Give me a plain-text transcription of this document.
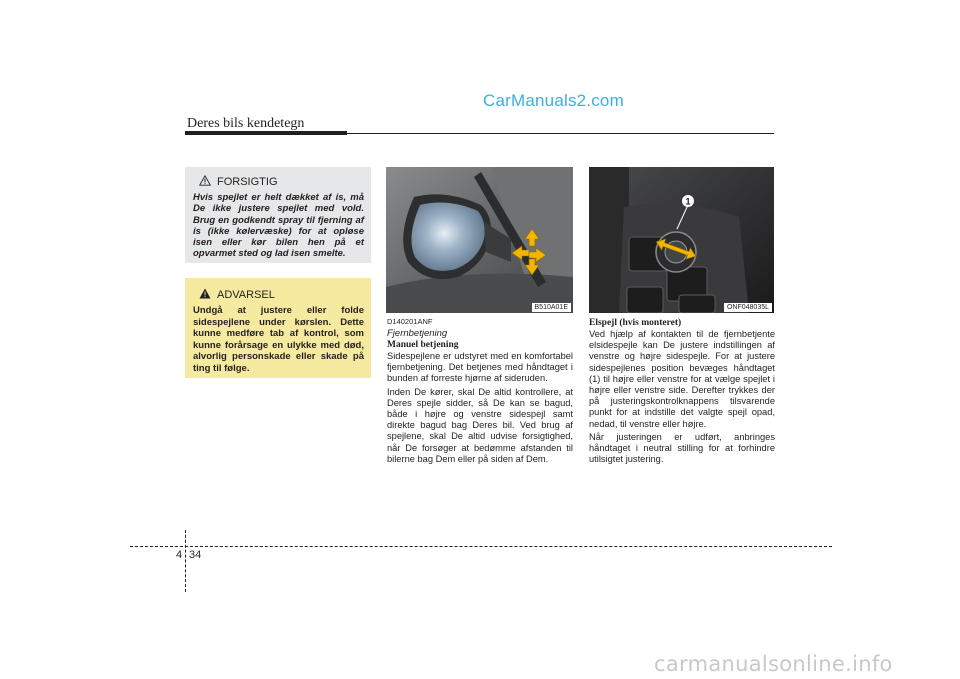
CarManuals2.com
Deres bils kendetegn
FORSIGTIG
Hvis spejlet er helt dækket af is, må De ikke justere spejlet med vold. Brug en godkendt spray til fjerning af is (ikke kølervæske) for at opløse isen eller kør bilen hen på et opvarmet sted og lad isen smelte.
ADVARSEL
Undgå at justere eller folde sidespejlene under kørslen. Dette kunne medføre tab af kontrol, som kunne forårsage en ulykke med død, alvorlig personskade eller skade på ting til følge.
B510A01E
1
ONF048035L
D140201ANF
Fjernbetjening
Manuel betjening

Sidespejlene er udstyret med en komfortabel fjernbetjening. Det betjenes med håndtaget i bunden af forreste hjørne af sideruden.

Inden De kører, skal De altid kontrollere, at Deres spejle sidder, så De kan se bagud, både i højre og venstre sidespejl samt direkte bagud bag Deres bil. Ved brug af spejlene, skal De altid udvise forsigtighed, når De forsøger at bedømme afstanden til bilerne bag Dem eller på siden af Dem.

Elspejl (hvis monteret)

Ved hjælp af kontakten til de fjernbetjente elsidespejle kan De justere indstillingen af venstre og højre sidespejle. For at justere sidespejlenes position bevæges håndtaget (1) til højre eller venstre for at vælge spejlet i højre eller venstre side. Derefter trykkes der på justeringskontrolknappens tilsvarende punkt for at indstille det valgte spejl opad, nedad, til venstre eller højre.

Når justeringen er udført, anbringes håndtaget i neutral stilling for at forhindre utilsigtet justering.

4 34
carmanualsonline.info
